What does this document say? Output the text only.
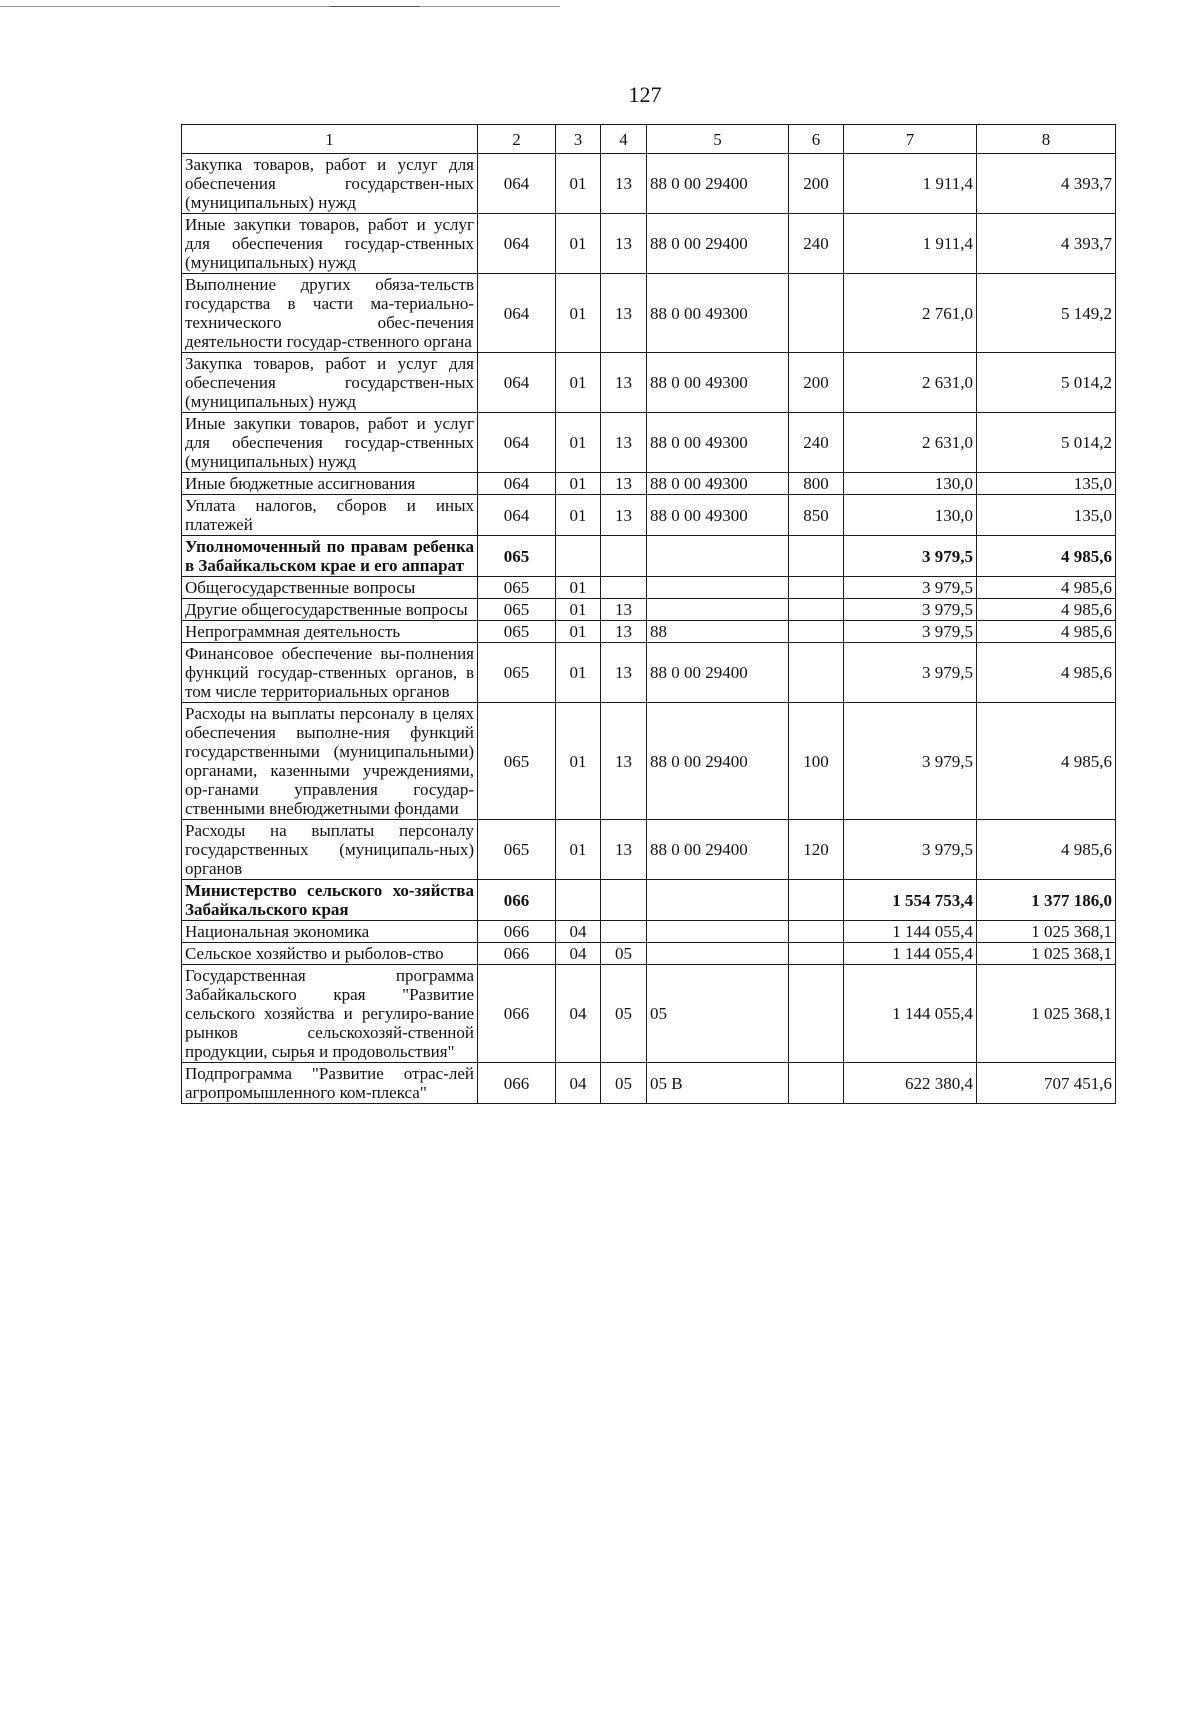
127
1	2	3	4	5	6	7	8
Закупка товаров, работ и услуг для обеспечения государствен-ных (муниципальных) нужд	064	01	13	88 0 00 29400	200	1 911,4	4 393,7
Иные закупки товаров, работ и услуг для обеспечения государ-ственных (муниципальных) нужд	064	01	13	88 0 00 29400	240	1 911,4	4 393,7
Выполнение других обяза-тельств государства в части ма-териально-технического обес-печения деятельности государ-ственного органа	064	01	13	88 0 00 49300		2 761,0	5 149,2
Закупка товаров, работ и услуг для обеспечения государствен-ных (муниципальных) нужд	064	01	13	88 0 00 49300	200	2 631,0	5 014,2
Иные закупки товаров, работ и услуг для обеспечения государ-ственных (муниципальных) нужд	064	01	13	88 0 00 49300	240	2 631,0	5 014,2
Иные бюджетные ассигнования	064	01	13	88 0 00 49300	800	130,0	135,0
Уплата налогов, сборов и иных платежей	064	01	13	88 0 00 49300	850	130,0	135,0
Уполномоченный по правам ребенка в Забайкальском крае и его аппарат	065					3 979,5	4 985,6
Общегосударственные вопросы	065	01				3 979,5	4 985,6
Другие общегосударственные вопросы	065	01	13			3 979,5	4 985,6
Непрограммная деятельность	065	01	13	88		3 979,5	4 985,6
Финансовое обеспечение вы-полнения функций государ-ственных органов, в том числе территориальных органов	065	01	13	88 0 00 29400		3 979,5	4 985,6
Расходы на выплаты персоналу в целях обеспечения выполне-ния функций государственными (муниципальными) органами, казенными учреждениями, ор-ганами управления государ-ственными внебюджетными фондами	065	01	13	88 0 00 29400	100	3 979,5	4 985,6
Расходы на выплаты персоналу государственных (муниципаль-ных) органов	065	01	13	88 0 00 29400	120	3 979,5	4 985,6
Министерство сельского хо-зяйства Забайкальского края	066					1 554 753,4	1 377 186,0
Национальная экономика	066	04				1 144 055,4	1 025 368,1
Сельское хозяйство и рыболов-ство	066	04	05			1 144 055,4	1 025 368,1
Государственная программа Забайкальского края "Развитие сельского хозяйства и регулиро-вание рынков сельскохозяй-ственной продукции, сырья и продовольствия"	066	04	05	05		1 144 055,4	1 025 368,1
Подпрограмма "Развитие отрас-лей агропромышленного ком-плекса"	066	04	05	05 В		622 380,4	707 451,6
